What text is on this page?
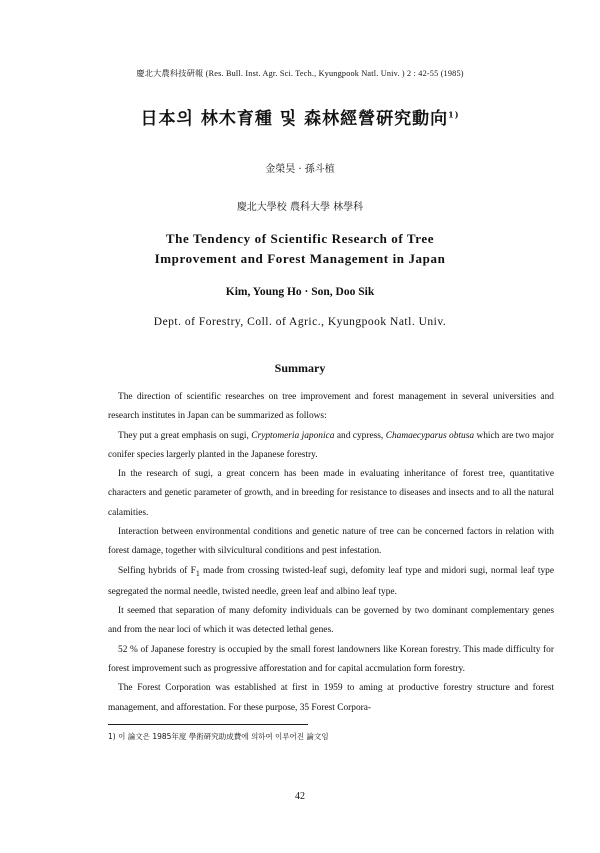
慶北大農科技硏報 (Res. Bull. Inst. Agr. Sci. Tech., Kyungpook Natl. Univ. ) 2 : 42-55 (1985)
日本의 林木育種 및 森林經營硏究動向$^{1)}$
金榮昊 · 孫斗植
慶北大學校 農科大學 林學科
The Tendency of Scientific Research of Tree
Improvement and Forest Management in Japan
Kim, Young Ho · Son, Doo Sik
Dept. of Forestry, Coll. of Agric., Kyungpook Natl. Univ.
Summary

The direction of scientific researches on tree improvement and forest management in several universities and research institutes in Japan can be summarized as follows:

They put a great emphasis on sugi, Cryptomeria japonica and cypress, Chamaecyparus obtusa which are two major conifer species largerly planted in the Japanese forestry.

In the research of sugi, a great concern has been made in evaluating inheritance of forest tree, quantitative characters and genetic parameter of growth, and in breeding for resistance to diseases and insects and to all the natural calamities.

Interaction between environmental conditions and genetic nature of tree can be concerned factors in relation with forest damage, together with silvicultural conditions and pest infestation.

Selfing hybrids of $F_1$ made from crossing twisted-leaf sugi, defomity leaf type and midori sugi, normal leaf type segregated the normal needle, twisted needle, green leaf and albino leaf type.

It seemed that separation of many defomity individuals can be governed by two dominant complementary genes and from the near loci of which it was detected lethal genes.

52 % of Japanese forestry is occupied by the small forest landowners like Korean forestry. This made difficulty for forest improvement such as progressive afforestation and for capital accmulation form forestry.

The Forest Corporation was established at first in 1959 to aming at productive forestry structure and forest management, and afforestation. For these purpose, 35 Forest Corpora-

1) 이 論文은 1985年度 學術硏究助成費에 의하여 이루어진 論文임
42
